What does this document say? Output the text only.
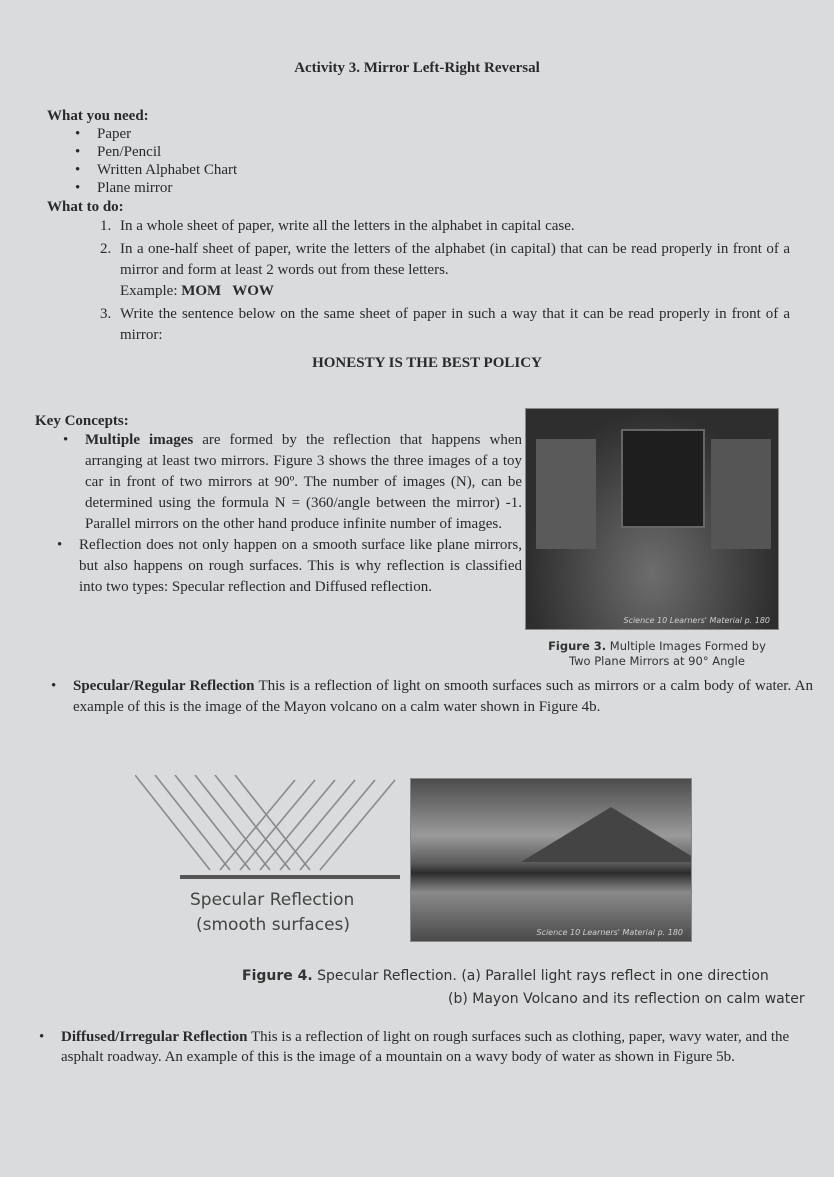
Activity 3. Mirror Left-Right Reversal
What you need:
• Paper
• Pen/Pencil
• Written Alphabet Chart
• Plane mirror
What to do:
1. In a whole sheet of paper, write all the letters in the alphabet in capital case.
2. In a one-half sheet of paper, write the letters of the alphabet (in capital) that can be read properly in front of a mirror and form at least 2 words out from these letters.
Example: MOM   WOW
3. Write the sentence below on the same sheet of paper in such a way that it can be read properly in front of a mirror:
HONESTY IS THE BEST POLICY
Key Concepts:
• Multiple images are formed by the reflection that happens when arranging at least two mirrors. Figure 3 shows the three images of a toy car in front of two mirrors at 90º. The number of images (N), can be determined using the formula N = (360/angle between the mirror) -1. Parallel mirrors on the other hand produce infinite number of images.
• Reflection does not only happen on a smooth surface like plane mirrors, but also happens on rough surfaces. This is why reflection is classified into two types: Specular reflection and Diffused reflection.
Science 10 Learners' Material p. 180
Figure 3. Multiple Images Formed by
Two Plane Mirrors at 90° Angle
• Specular/Regular Reflection This is a reflection of light on smooth surfaces such as mirrors or a calm body of water. An example of this is the image of the Mayon volcano on a calm water shown in Figure 4b.
Specular Reflection
(smooth surfaces)	Science 10 Learners' Material p. 180
Figure 4. Specular Reflection. (a) Parallel light rays reflect in one direction
(b) Mayon Volcano and its reflection on calm water
• Diffused/Irregular Reflection This is a reflection of light on rough surfaces such as clothing, paper, wavy water, and the asphalt roadway. An example of this is the image of a mountain on a wavy body of water as shown in Figure 5b.
